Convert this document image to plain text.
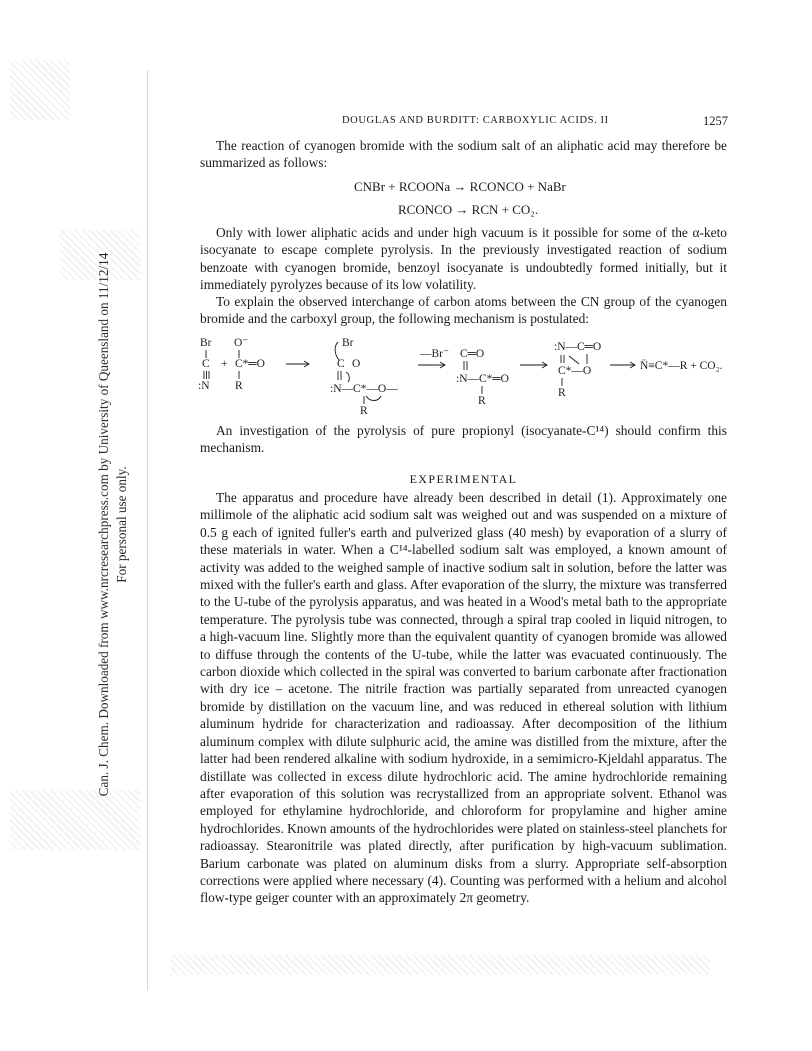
Can. J. Chem. Downloaded from www.nrcresearchpress.com by University of Queensland on 11/12/14 For personal use only.
DOUGLAS AND BURDITT: CARBOXYLIC ACIDS. II	1257

The reaction of cyanogen bromide with the sodium salt of an aliphatic acid may therefore be summarized as follows:

CNBr + RCOONa → RCONCO + NaBr
RCONCO → RCN + CO₂.

Only with lower aliphatic acids and under high vacuum is it possible for some of the α-keto isocyanate to escape complete pyrolysis. In the previously investigated reaction of sodium benzoate with cyanogen bromide, benzoyl isocyanate is undoubtedly formed initially, but it immediately pyrolyzes because of its low volatility.

To explain the observed interchange of carbon atoms between the CN group of the cyanogen bromide and the carboxyl group, the following mechanism is postulated:

Br
C
:N
+
O⁻
C*═O
R
Br
C O
:N—C*—O—
R
—Br⁻ C═O
:N—C*═O
R
:N—C═O
C*—O
R
N̈≡C*—R + CO₂.

An investigation of the pyrolysis of pure propionyl (isocyanate-C¹⁴) should confirm this mechanism.

EXPERIMENTAL

The apparatus and procedure have already been described in detail (1). Approximately one millimole of the aliphatic acid sodium salt was weighed out and was suspended on a mixture of 0.5 g each of ignited fuller's earth and pulverized glass (40 mesh) by evaporation of a slurry of these materials in water. When a C¹⁴-labelled sodium salt was employed, a known amount of activity was added to the weighed sample of inactive sodium salt in solution, before the latter was mixed with the fuller's earth and glass. After evaporation of the slurry, the mixture was transferred to the U-tube of the pyrolysis apparatus, and was heated in a Wood's metal bath to the appropriate temperature. The pyrolysis tube was connected, through a spiral trap cooled in liquid nitrogen, to a high-vacuum line. Slightly more than the equivalent quantity of cyanogen bromide was allowed to diffuse through the contents of the U-tube, while the latter was evacuated continuously. The carbon dioxide which collected in the spiral was converted to barium carbonate after fractionation with dry ice – acetone. The nitrile fraction was partially separated from unreacted cyanogen bromide by distillation on the vacuum line, and was reduced in ethereal solution with lithium aluminum hydride for characterization and radioassay. After decomposition of the lithium aluminum complex with dilute sulphuric acid, the amine was distilled from the mixture, after the latter had been rendered alkaline with sodium hydroxide, in a semimicro-Kjeldahl apparatus. The distillate was collected in excess dilute hydrochloric acid. The amine hydrochloride remaining after evaporation of this solution was recrystallized from an appropriate solvent. Ethanol was employed for ethylamine hydrochloride, and chloroform for propylamine and higher amine hydrochlorides. Known amounts of the hydrochlorides were plated on stainless-steel planchets for radioassay. Stearonitrile was plated directly, after purification by high-vacuum sublimation. Barium carbonate was plated on aluminum disks from a slurry. Appropriate self-absorption corrections were applied where necessary (4). Counting was performed with a helium and alcohol flow-type geiger counter with an approximately 2π geometry.
